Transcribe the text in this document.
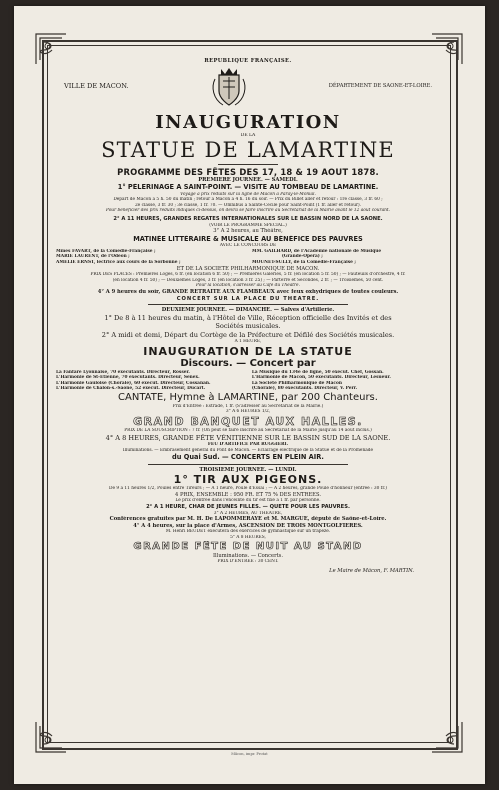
RÉPUBLIQUE FRANÇAISE.
VILLE DE MACON.	DÉPARTEMENT DE SAONE-ET-LOIRE.
INAUGURATION
DE LA
STATUE DE LAMARTINE
PROGRAMME DES FÊTES DES 17, 18 & 19 AOUT 1878.
PREMIÈRE JOURNÉE. — SAMEDI.
1° PÈLERINAGE A SAINT-POINT. — VISITE AU TOMBEAU DE LAMARTINE.
Voyage à prix réduits sur la ligne de Mâcon à Paray-le-Monial.
Départ de Mâcon à 5 h. 50 du matin ; retour à Mâcon à 4 h. 16 du soir. — Prix du Billet aller et retour : 1re classe, 3 fr. 60 ;
2e classe, 3 fr. 30 ; 3e classe, 1 fr. 70. — Omnibus à Sainte-Cécile pour Saint-Point (1 fr. aller et retour).
Pour bénéficier des prix réduits indiqués ci-dessus, on devra se faire inscrire au Secrétariat de la Mairie avant le 12 août courant.
2° A 11 HEURES, GRANDES RÉGATES INTERNATIONALES SUR LE BASSIN NORD DE LA SAONE.
(VOIR LE PROGRAMME SPÉCIAL.)
3° A 2 heures, au Théâtre,
MATINÉE LITTÉRAIRE & MUSICALE AU BÉNÉFICE DES PAUVRES
AVEC LE CONCOURS DE
Mmes FAVART, de la Comédie-Française ;
MARIE LAURENT, de l'Odéon ;
AMÉLIE ERNST, lectrice aux cours de la Sorbonne ;
MM. GAILHARD, de l'Académie nationale de Musique
(Grande-Opéra) ;
MOUNET-SULLY, de la Comédie-Française ;
ET DE LA SOCIÉTÉ PHILHARMONIQUE DE MACON.
PRIX DES PLACES : Premières Loges, 6 fr. (en location 6 fr. 50) ; — Premières Galeries, 5 fr. (en location 5 fr. 50) ; — Fauteuils d'orchestre, 4 fr.
(en location 4 fr. 50) ; — Deuxièmes Loges, 3 fr. (en location 3 fr. 25) ; — Parterre et Secondes, 2 fr. ; — Troisièmes, 50 cent.
Pour la location, s'adresser au Café du Théâtre.
4° A 9 heures du soir, GRANDE RETRAITE AUX FLAMBEAUX avec feux oxhydriques de toutes couleurs.
CONCERT SUR LA PLACE DU THÉATRE.
DEUXIÈME JOURNÉE. — DIMANCHE. — Salves d'Artillerie.
1° De 8 à 11 heures du matin, à l'Hôtel de Ville, Réception officielle des Invités et des
Sociétés musicales.
2° A midi et demi, Départ du Cortège de la Préfecture et Défilé des Sociétés musicales.
A 1 HEURE,
INAUGURATION DE LA STATUE
Discours. — Concert par
La Fanfare Lyonnaise, 70 exécutants. Directeur, Rosser.
L'Harmonie de St-Étienne, 70 exécutants. Directeur, Senex.
L'Harmonie Gauloise (Chorale), 60 exécut. Directeur, Cossanan.
L'Harmonie de Chalon-s.-Saône, 52 exécut. Directeur, Ducart.
La Musique du 134e de ligne, 50 exécut. Chef, Gossan.
L'Harmonie de Mâcon, 50 exécutants. Directeur, Lesueur.
La Société Philharmonique de Mâcon
(Chorale), 80 exécutants. Directeur, V. Perr.
CANTATE, Hymne à LAMARTINE, par 200 Chanteurs.
Prix d'Entrée : Estrade, 1 fr. (S'adresser au Secrétariat de la Mairie.)
3° A 6 HEURES 1/2,
GRAND BANQUET AUX HALLES.
PRIX DE LA SOUSCRIPTION : 7 fr. (On peut se faire inscrire au Secrétariat de la Mairie jusqu'au 14 août inclus.)
4° A 8 HEURES, GRANDE FÊTE VÉNITIENNE SUR LE BASSIN SUD DE LA SAONE.
FEU D'ARTIFICE PAR RUGGIERI.
Illuminations. — Embrasement général du Pont de Mâcon. — Éclairage électrique de la Statue et de la Promenade
du Quai Sud. — CONCERTS EN PLEIN AIR.
TROISIÈME JOURNÉE. — LUNDI.
1° TIR AUX PIGEONS.
De 9 à 11 heures 1/2, Poules entre Tireurs ; — A 1 heure, Poule d'Essai ; — A 2 heures, grande Poule d'honneur (entrée : 30 fr.)
4 PRIX, ENSEMBLE : 950 FR. ET 75 % DES ENTRÉES.
Le prix d'entrée dans l'enceinte du tir est fixé à 1 fr. par personne.
2° A 1 HEURE, CHAR DE JEUNES FILLES. — QUÊTE POUR LES PAUVRES.
3° A 2 HEURES, AU THÉATRE,
Conférences gratuites par M. H. De LAPOMMERAYE et M. MARGUE, député de Saône-et-Loire.
4° A 4 heures, sur la place d'Armes, ASCENSION DE TROIS MONTGOLFIÈRES.
M. Henri BEUDET exécutera des exercices de gymnastique sur un trapèze.
5° A 8 HEURES,
GRANDE FÊTE DE NUIT AU STAND
Illuminations. — Concerts.
PRIX D'ENTRÉE : 30 CENT.
Le Maire de Mâcon, F. MARTIN.
Mâcon, impr. Protat
